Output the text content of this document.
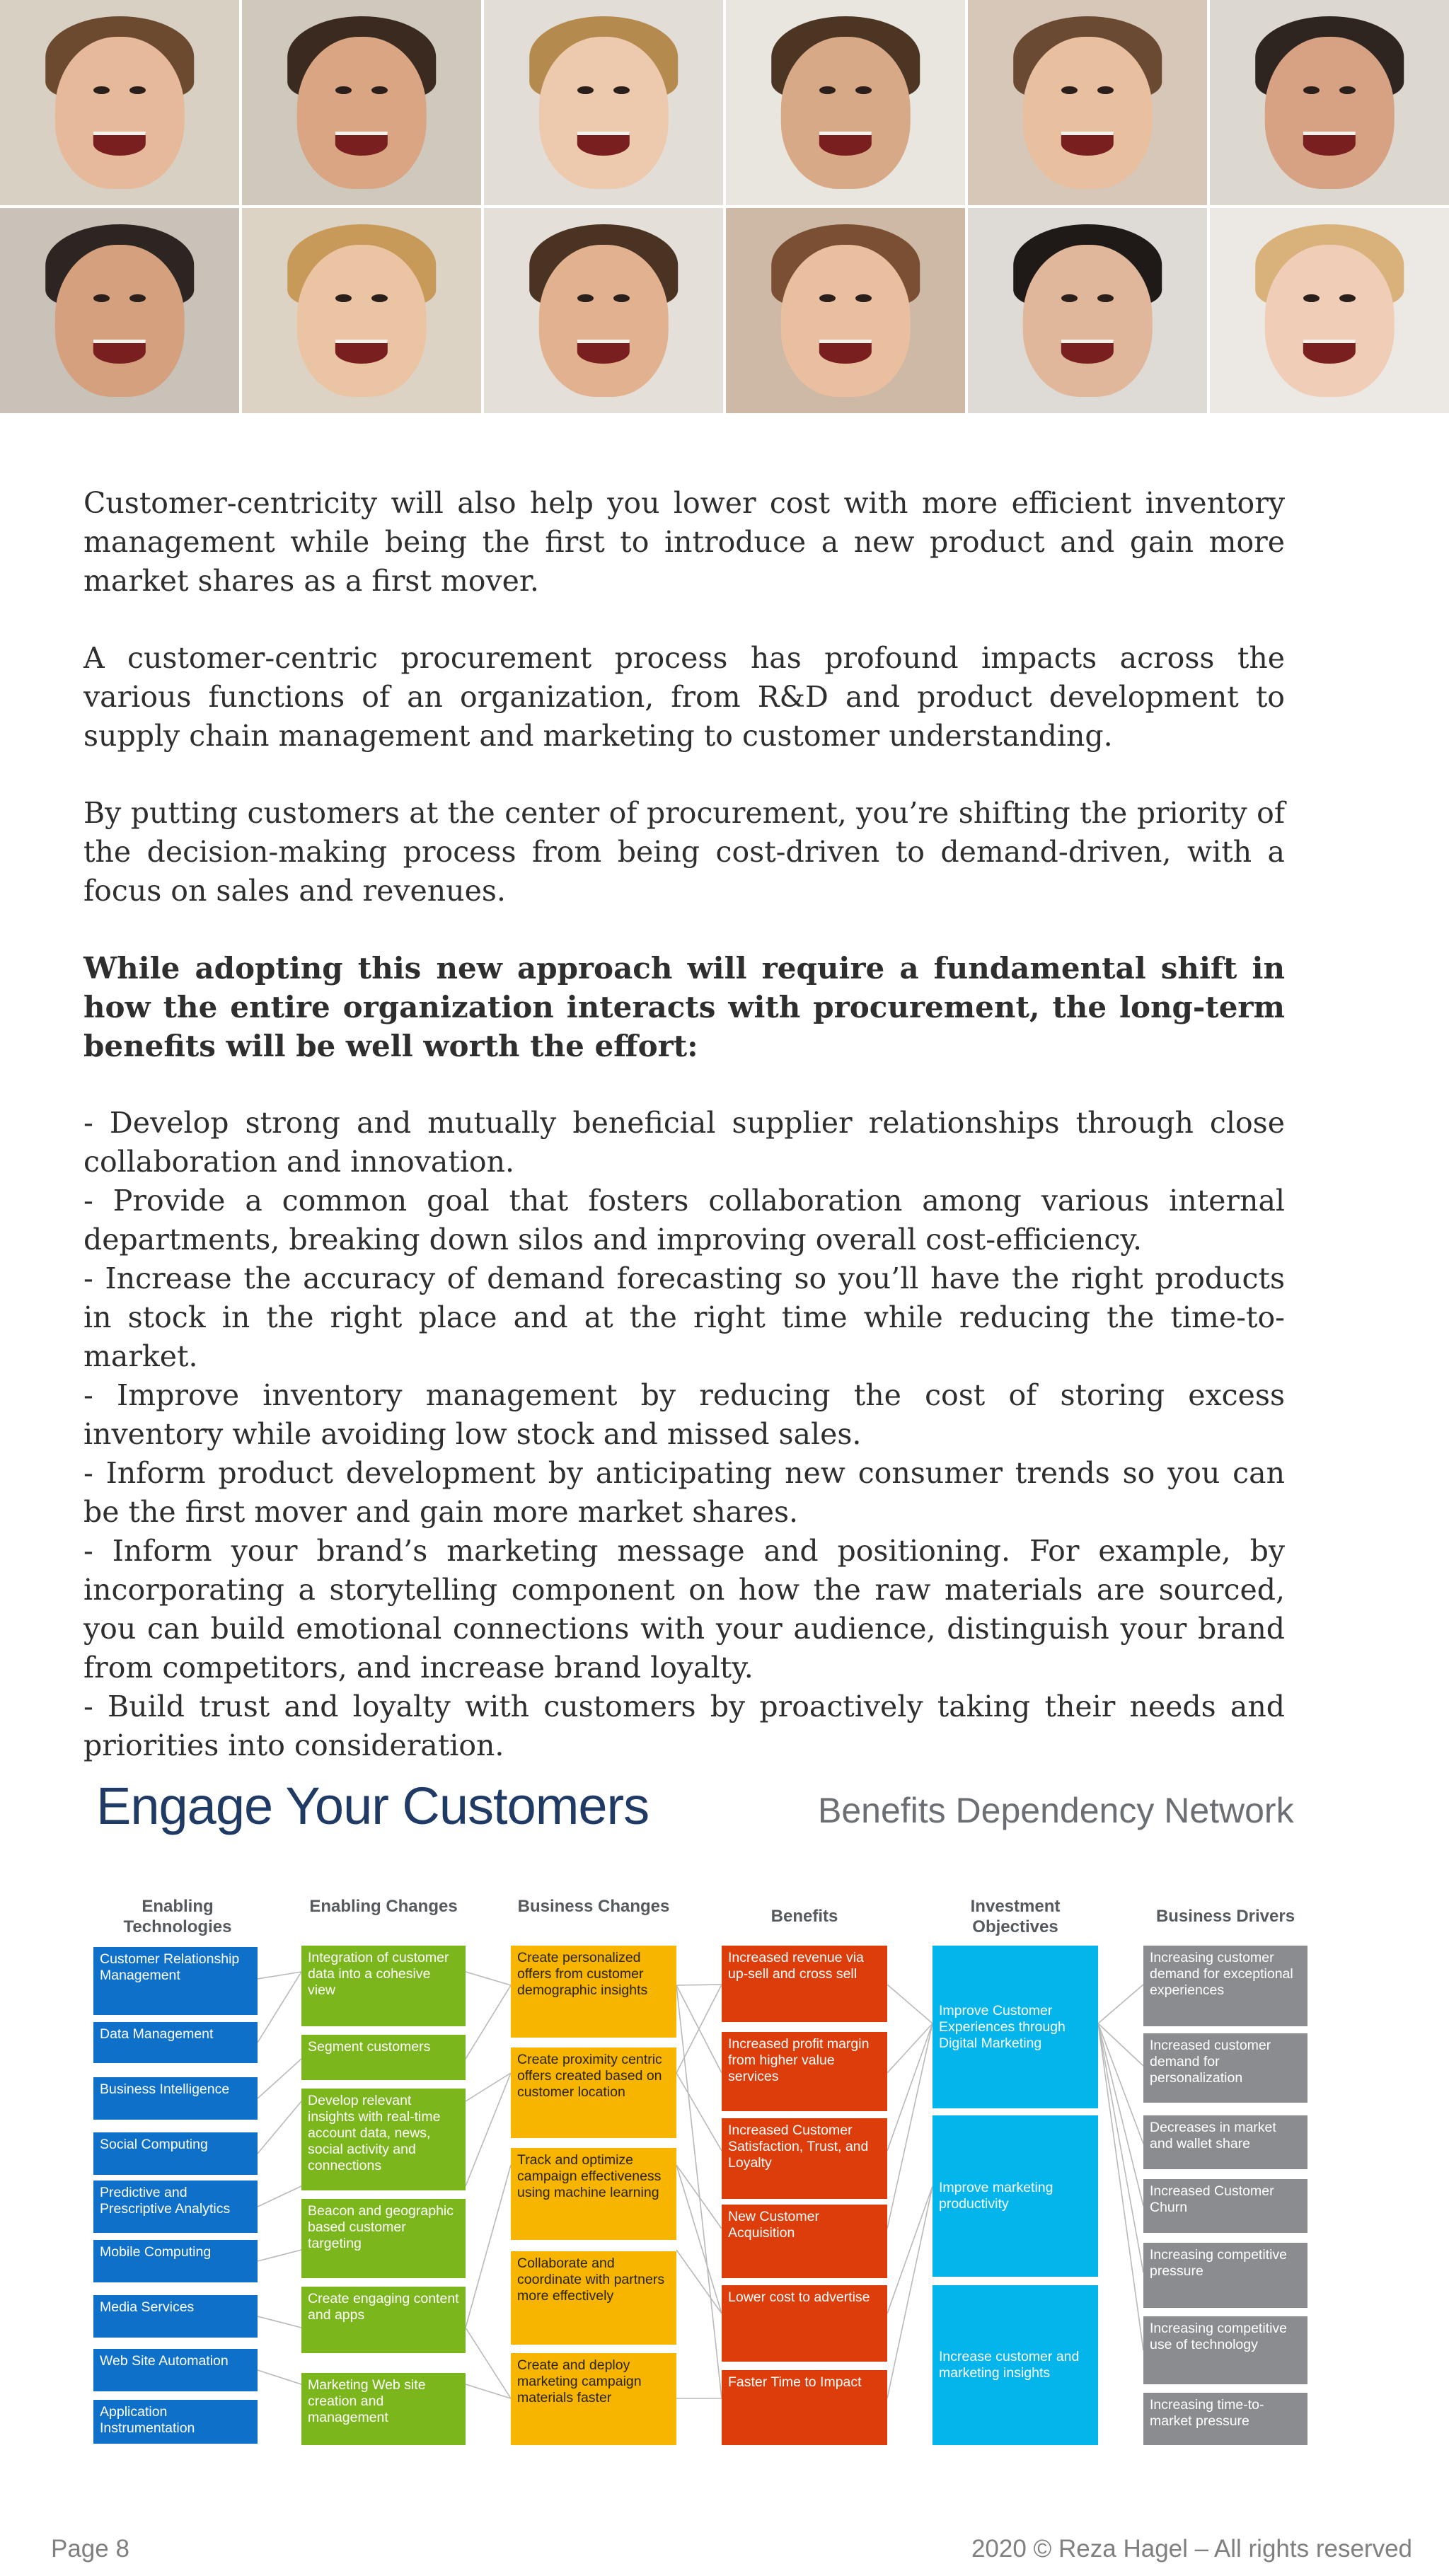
Customer-centricity will also help you lower cost with more efficient inventory management while being the first to introduce a new product and gain more market shares as a first mover.

A customer-centric procurement process has profound impacts across the various functions of an organization, from R&D and product development to supply chain management and marketing to customer understanding.

By putting customers at the center of procurement, you’re shifting the priority of the decision-making process from being cost-driven to demand-driven, with a focus on sales and revenues.

While adopting this new approach will require a fundamental shift in how the entire organization interacts with procurement, the long-term benefits will be well worth the effort:

- Develop strong and mutually beneficial supplier relationships through close collaboration and innovation.
- Provide a common goal that fosters collaboration among various internal departments, breaking down silos and improving overall cost-efficiency.
- Increase the accuracy of demand forecasting so you’ll have the right products in stock in the right place and at the right time while reducing the time-to-market.
- Improve inventory management by reducing the cost of storing excess inventory while avoiding low stock and missed sales.
- Inform product development by anticipating new consumer trends so you can be the first mover and gain more market shares.
- Inform your brand’s marketing message and positioning. For example, by incorporating a storytelling component on how the raw materials are sourced, you can build emotional connections with your audience, distinguish your brand from competitors, and increase brand loyalty.
- Build trust and loyalty with customers by proactively taking their needs and priorities into consideration.
Engage Your Customers	Benefits Dependency Network
Enabling Technologies
Enabling Changes	Business Changes
Benefits
Investment Objectives
Business Drivers
Customer Relationship Management
Data Management
Business Intelligence
Social Computing
Predictive and Prescriptive Analytics
Mobile Computing
Media Services
Web Site Automation
Application Instrumentation
Integration of customer data into a cohesive view
Segment customers
Develop relevant insights with real-time account data, news, social activity and connections
Beacon and geographic based customer targeting
Create engaging content and apps
Marketing Web site creation and management
Create personalized offers from customer demographic insights
Create proximity centric offers created based on customer location
Track and optimize campaign effectiveness using machine learning
Collaborate and coordinate with partners more effectively
Create and deploy marketing campaign materials faster
Increased revenue via up-sell and cross sell
Increased profit margin from higher value services
Increased Customer Satisfaction, Trust, and Loyalty
New Customer Acquisition
Lower cost to advertise
Faster Time to Impact
Improve Customer Experiences through Digital Marketing
Improve marketing productivity
Increase customer and marketing insights
Increasing customer demand for exceptional experiences
Increased customer demand for personalization
Decreases in market and wallet share
Increased Customer Churn
Increasing competitive pressure
Increasing competitive use of technology
Increasing time-to-market pressure
Page 8	2020 © Reza Hagel – All rights reserved
